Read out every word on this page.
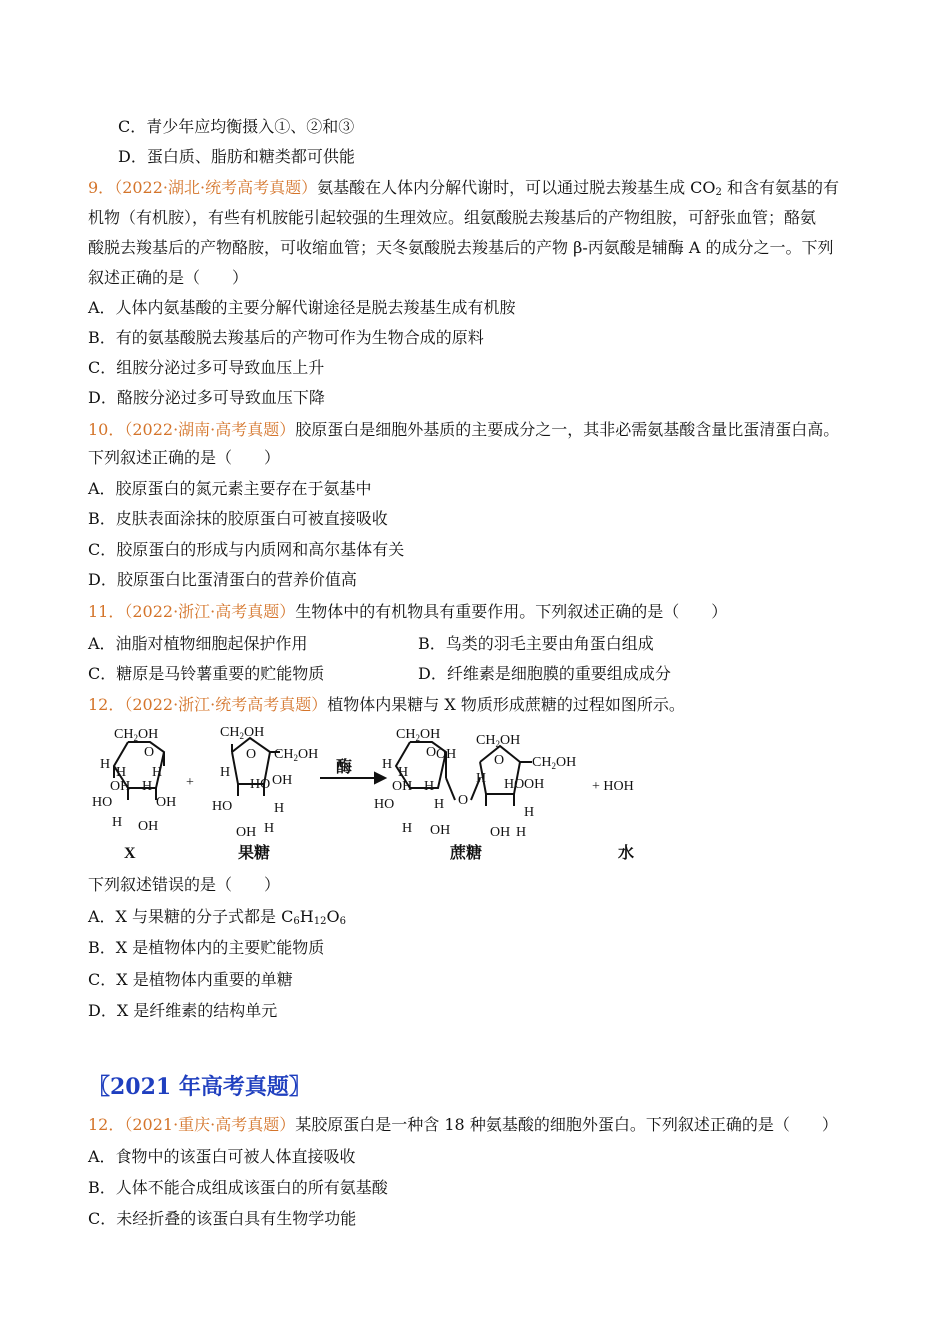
C．青少年应均衡摄入①、②和③
D．蛋白质、脂肪和糖类都可供能
9．（2022·湖北·统考高考真题）氨基酸在人体内分解代谢时，可以通过脱去羧基生成 $CO_2$ 和含有氨基的有
机物（有机胺），有些有机胺能引起较强的生理效应。组氨酸脱去羧基后的产物组胺，可舒张血管；酪氨
酸脱去羧基后的产物酪胺，可收缩血管；天冬氨酸脱去羧基后的产物 β-丙氨酸是辅酶 A 的成分之一。下列
叙述正确的是（　　）
A．人体内氨基酸的主要分解代谢途径是脱去羧基生成有机胺
B．有的氨基酸脱去羧基后的产物可作为生物合成的原料
C．组胺分泌过多可导致血压上升
D．酪胺分泌过多可导致血压下降
10．（2022·湖南·高考真题）胶原蛋白是细胞外基质的主要成分之一，其非必需氨基酸含量比蛋清蛋白高。
下列叙述正确的是（　　）
A．胶原蛋白的氮元素主要存在于氨基中
B．皮肤表面涂抹的胶原蛋白可被直接吸收
C．胶原蛋白的形成与内质网和高尔基体有关
D．胶原蛋白比蛋清蛋白的营养价值高
11．（2022·浙江·高考真题）生物体中的有机物具有重要作用。下列叙述正确的是（　　）
A．油脂对植物细胞起保护作用	B．鸟类的羽毛主要由角蛋白组成
C．糖原是马铃薯重要的贮能物质	D．纤维素是细胞膜的重要组成成分
12．（2022·浙江·统考高考真题）植物体内果糖与 X 物质形成蔗糖的过程如图所示。
$CH_2OH$
O
H
H
OH H
H
HO	OH
H OH
X
+
$CH_2OH$
O $CH_2OH$
H
HO OH
HO	H
OH H
果糖
酶
$CH_2OH$
O
H
H
OH
OH H
HO	H O
H OH
$CH_2OH$
O $CH_2OH$
H HO OH
H
OH H
蔗糖
+ HOH
水
下列叙述错误的是（　　）
A．X 与果糖的分子式都是 $C_6H_{12}O_6$
B．X 是植物体内的主要贮能物质
C．X 是植物体内重要的单糖
D．X 是纤维素的结构单元
〖2021 年高考真题〗
12．（2021·重庆·高考真题）某胶原蛋白是一种含 18 种氨基酸的细胞外蛋白。下列叙述正确的是（　　）
A．食物中的该蛋白可被人体直接吸收
B．人体不能合成组成该蛋白的所有氨基酸
C．未经折叠的该蛋白具有生物学功能
